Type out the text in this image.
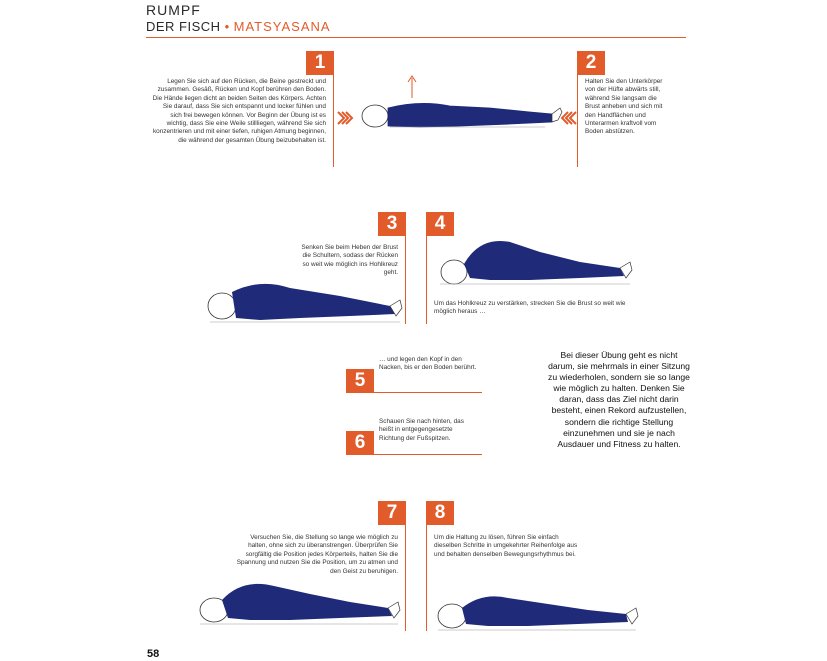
RUMPF
DER FISCH • MATSYASANA
1
Legen Sie sich auf den Rücken, die Beine gestreckt und zusammen. Gesäß, Rücken und Kopf berühren den Boden. Die Hände liegen dicht an beiden Seiten des Körpers. Achten Sie darauf, dass Sie sich entspannt und locker fühlen und sich frei bewegen können. Vor Beginn der Übung ist es wichtig, dass Sie eine Weile stillliegen, während Sie sich konzentrieren und mit einer tiefen, ruhigen Atmung beginnen, die während der gesamten Übung beizubehalten ist.
2
Halten Sie den Unterkörper von der Hüfte abwärts still, während Sie langsam die Brust anheben und sich mit den Handflächen und Unterarmen kraftvoll vom Boden abstützen.
3
Senken Sie beim Heben der Brust die Schultern, sodass der Rücken so weit wie möglich ins Hohlkreuz geht.
4
Um das Hohlkreuz zu verstärken, strecken Sie die Brust so weit wie möglich heraus …
… und legen den Kopf in den Nacken, bis er den Boden berührt.
5
Schauen Sie nach hinten, das heißt in entgegengesetzte Richtung der Fußspitzen.
6
Bei dieser Übung geht es nicht darum, sie mehrmals in einer Sitzung zu wiederholen, sondern sie so lange wie möglich zu halten. Denken Sie daran, dass das Ziel nicht darin besteht, einen Rekord aufzustellen, sondern die richtige Stellung einzunehmen und sie je nach Ausdauer und Fitness zu halten.
7
Versuchen Sie, die Stellung so lange wie möglich zu halten, ohne sich zu überanstrengen. Überprüfen Sie sorgfältig die Position jedes Körperteils, halten Sie die Spannung und nutzen Sie die Position, um zu atmen und den Geist zu beruhigen.
8
Um die Haltung zu lösen, führen Sie einfach dieselben Schritte in umgekehrter Reihenfolge aus und behalten denselben Bewegungsrhythmus bei.
58
